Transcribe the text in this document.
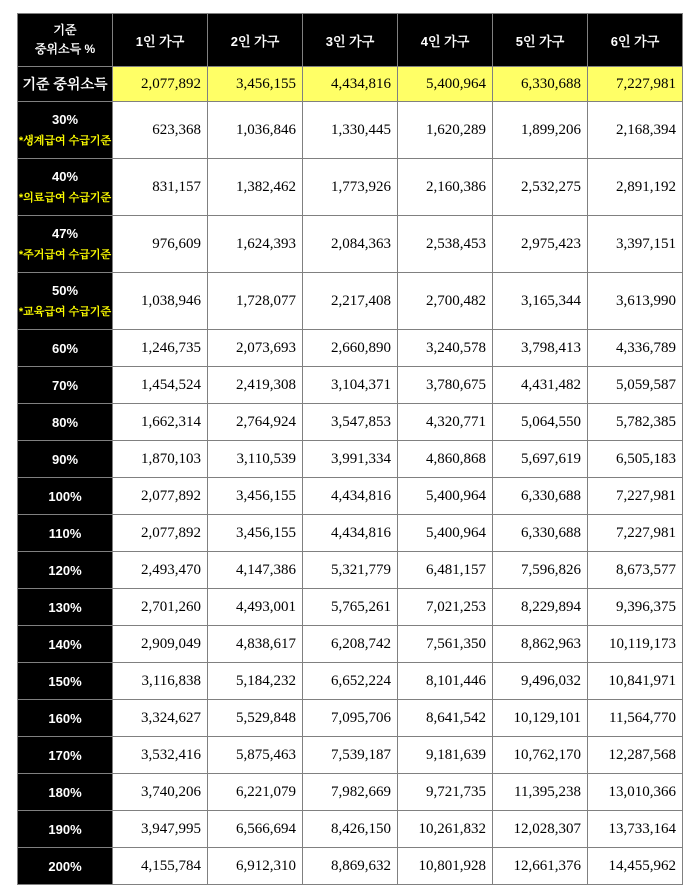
기준
중위소득 %	1인 가구	2인 가구	3인 가구	4인 가구	5인 가구	6인 가구

기준 중위소득	2,077,892	3,456,155	4,434,816	5,400,964	6,330,688	7,227,981

30%
*생계급여 수급기준	623,368	1,036,846	1,330,445	1,620,289	1,899,206	2,168,394

40%
*의료급여 수급기준	831,157	1,382,462	1,773,926	2,160,386	2,532,275	2,891,192

47%
*주거급여 수급기준	976,609	1,624,393	2,084,363	2,538,453	2,975,423	3,397,151

50%
*교육급여 수급기준	1,038,946	1,728,077	2,217,408	2,700,482	3,165,344	3,613,990

60%	1,246,735	2,073,693	2,660,890	3,240,578	3,798,413	4,336,789

70%	1,454,524	2,419,308	3,104,371	3,780,675	4,431,482	5,059,587

80%	1,662,314	2,764,924	3,547,853	4,320,771	5,064,550	5,782,385

90%	1,870,103	3,110,539	3,991,334	4,860,868	5,697,619	6,505,183

100%	2,077,892	3,456,155	4,434,816	5,400,964	6,330,688	7,227,981

110%	2,077,892	3,456,155	4,434,816	5,400,964	6,330,688	7,227,981

120%	2,493,470	4,147,386	5,321,779	6,481,157	7,596,826	8,673,577

130%	2,701,260	4,493,001	5,765,261	7,021,253	8,229,894	9,396,375

140%	2,909,049	4,838,617	6,208,742	7,561,350	8,862,963	10,119,173

150%	3,116,838	5,184,232	6,652,224	8,101,446	9,496,032	10,841,971

160%	3,324,627	5,529,848	7,095,706	8,641,542	10,129,101	11,564,770

170%	3,532,416	5,875,463	7,539,187	9,181,639	10,762,170	12,287,568

180%	3,740,206	6,221,079	7,982,669	9,721,735	11,395,238	13,010,366

190%	3,947,995	6,566,694	8,426,150	10,261,832	12,028,307	13,733,164

200%	4,155,784	6,912,310	8,869,632	10,801,928	12,661,376	14,455,962
